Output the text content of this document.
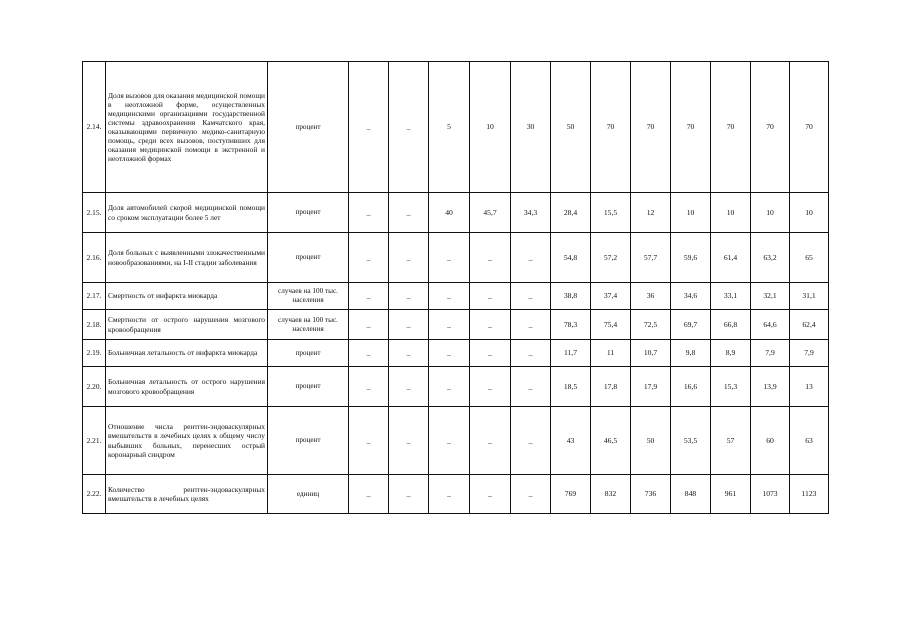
2.14.	Доля вызовов для оказания медицинской помощи в неотложной форме, осуществленных медицинскими организациями государственной системы здравоохранения Камчатского края, оказывающими первичную медико-санитарную помощь, среди всех вызовов, поступивших для оказания медицинской помощи в экстренной и неотложной формах	процент	_	_	5	10	30	50	70	70	70	70	70	70
2.15.	Доля автомобилей скорой медицинской помощи со сроком эксплуатации более 5 лет	процент	_	_	40	45,7	34,3	28,4	15,5	12	10	10	10	10
2.16.	Доля больных с выявленными злокачественными новообразованиями, на I-II стадии заболевания	процент	_	_	_	_	_	54,8	57,2	57,7	59,6	61,4	63,2	65
2.17.	Смертность от инфаркта миокарда	случаев на 100 тыс. населения	_	_	_	_	_	38,8	37,4	36	34,6	33,1	32,1	31,1
2.18.	Смертности от острого нарушения мозгового кровообращения	случаев на 100 тыс. населения	_	_	_	_	_	78,3	75,4	72,5	69,7	66,8	64,6	62,4
2.19.	Больничная летальность от инфаркта миокарда	процент	_	_	_	_	_	11,7	11	10,7	9,8	8,9	7,9	7,9
2.20.	Больничная летальность от острого нарушения мозгового кровообращения	процент	_	_	_	_	_	18,5	17,8	17,9	16,6	15,3	13,9	13
2.21.	Отношение числа рентген-эндоваскулярных вмешательств в лечебных целях к общему числу выбывших больных, перенесших острый коронарный синдром	процент	_	_	_	_	_	43	46,5	50	53,5	57	60	63
2.22.	Количество рентген-эндоваскулярных вмешательств в лечебных целях	единиц	_	_	_	_	_	769	832	736	848	961	1073	1123
